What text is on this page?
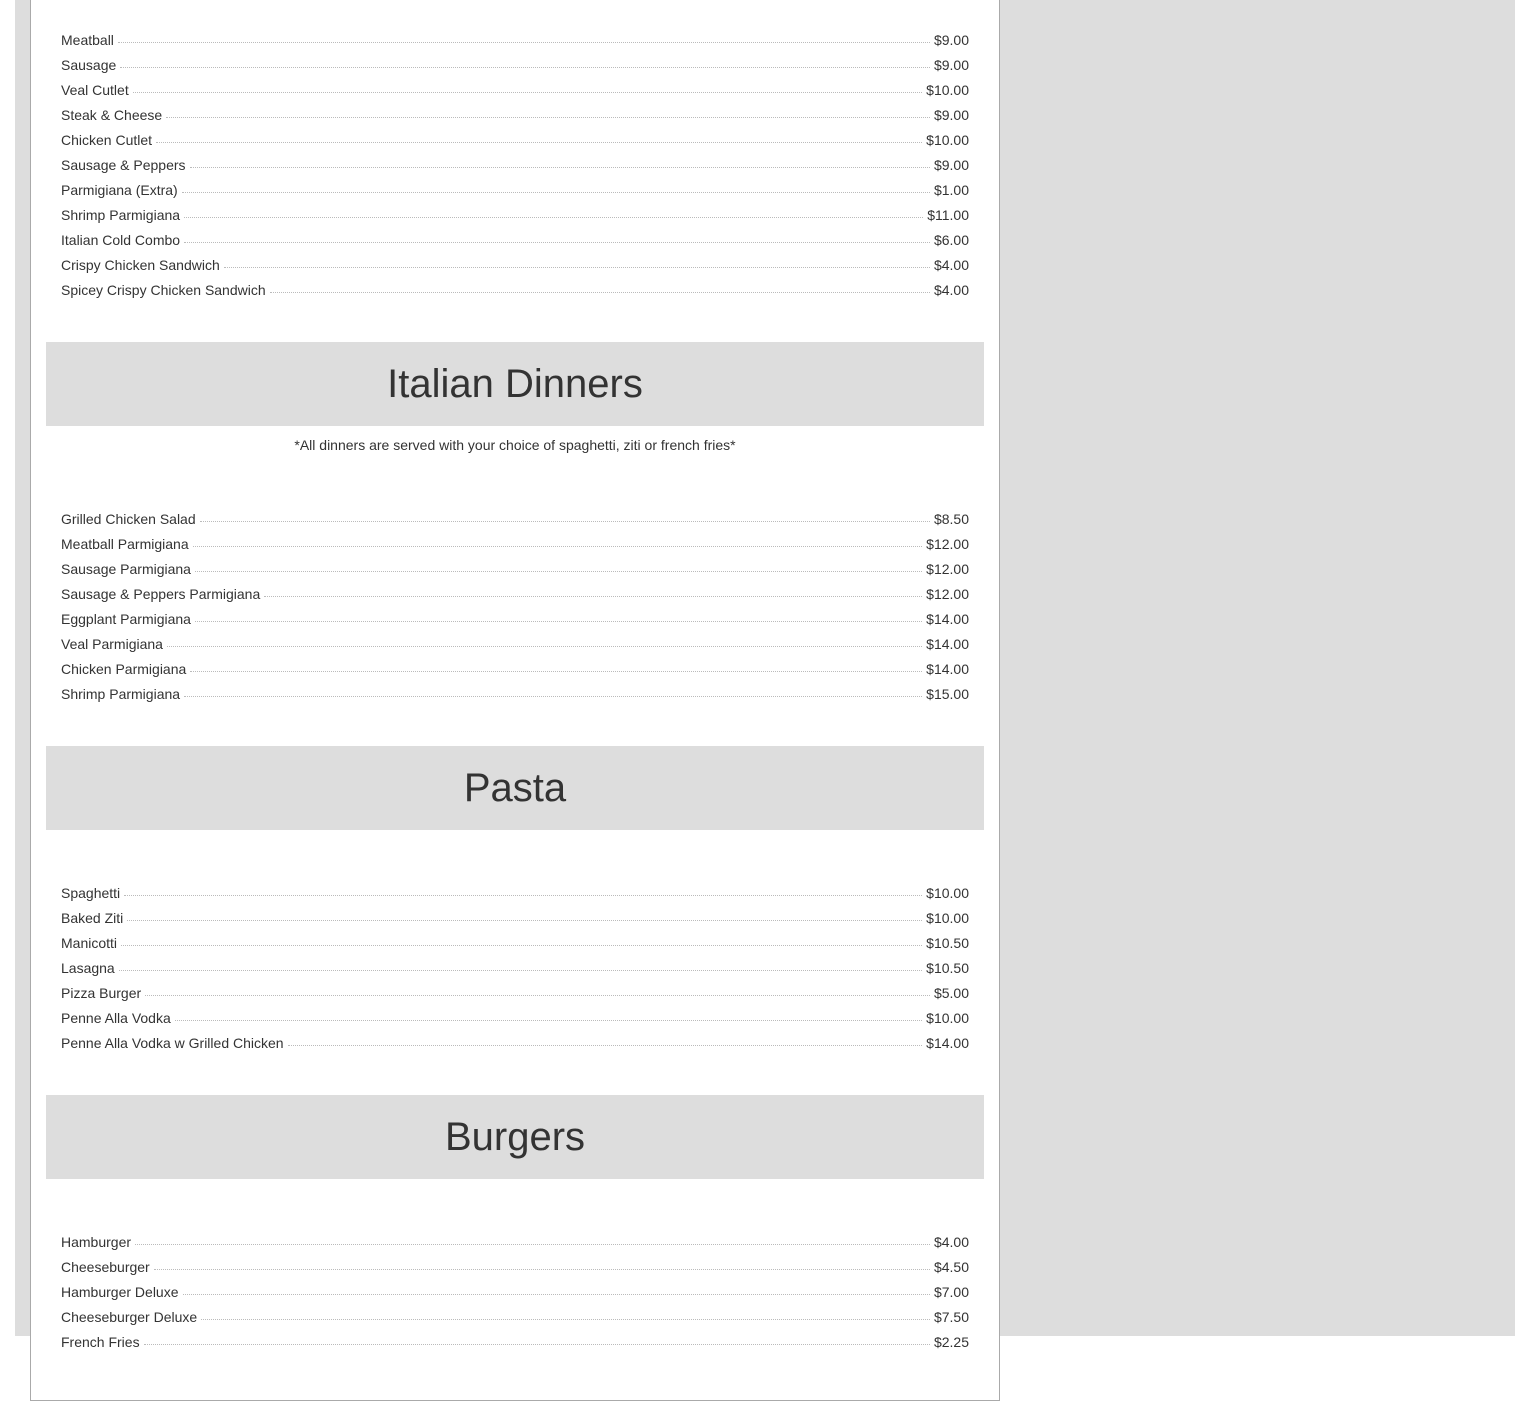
Meatball	$9.00
Sausage	$9.00
Veal Cutlet	$10.00
Steak & Cheese	$9.00
Chicken Cutlet	$10.00
Sausage & Peppers	$9.00
Parmigiana (Extra)	$1.00
Shrimp Parmigiana	$11.00
Italian Cold Combo	$6.00
Crispy Chicken Sandwich	$4.00
Spicey Crispy Chicken Sandwich	$4.00
Italian Dinners
*All dinners are served with your choice of spaghetti, ziti or french fries*
Grilled Chicken Salad	$8.50
Meatball Parmigiana	$12.00
Sausage Parmigiana	$12.00
Sausage & Peppers Parmigiana	$12.00
Eggplant Parmigiana	$14.00
Veal Parmigiana	$14.00
Chicken Parmigiana	$14.00
Shrimp Parmigiana	$15.00
Pasta
Spaghetti	$10.00
Baked Ziti	$10.00
Manicotti	$10.50
Lasagna	$10.50
Pizza Burger	$5.00
Penne Alla Vodka	$10.00
Penne Alla Vodka w Grilled Chicken	$14.00
Burgers
Hamburger	$4.00
Cheeseburger	$4.50
Hamburger Deluxe	$7.00
Cheeseburger Deluxe	$7.50
French Fries	$2.25
